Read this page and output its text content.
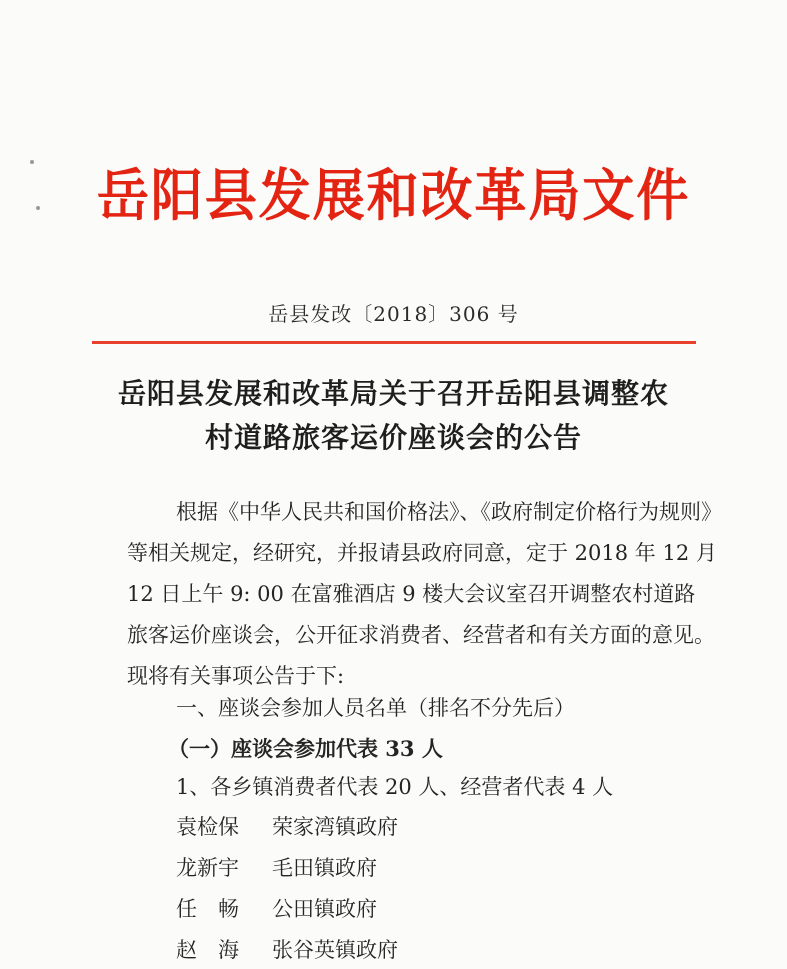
岳阳县发展和改革局文件
岳县发改〔2018〕306 号
岳阳县发展和改革局关于召开岳阳县调整农
村道路旅客运价座谈会的公告
根据《中华人民共和国价格法》、《政府制定价格行为规则》
等相关规定，经研究，并报请县政府同意，定于 2018 年 12 月
12 日上午 9: 00 在富雅酒店 9 楼大会议室召开调整农村道路
旅客运价座谈会，公开征求消费者、经营者和有关方面的意见。
现将有关事项公告于下:
一、座谈会参加人员名单（排名不分先后）
（一）座谈会参加代表 33 人
1、各乡镇消费者代表 20 人、经营者代表 4 人
袁检保 荣家湾镇政府
龙新宇 毛田镇政府
任　畅 公田镇政府
赵　海 张谷英镇政府
